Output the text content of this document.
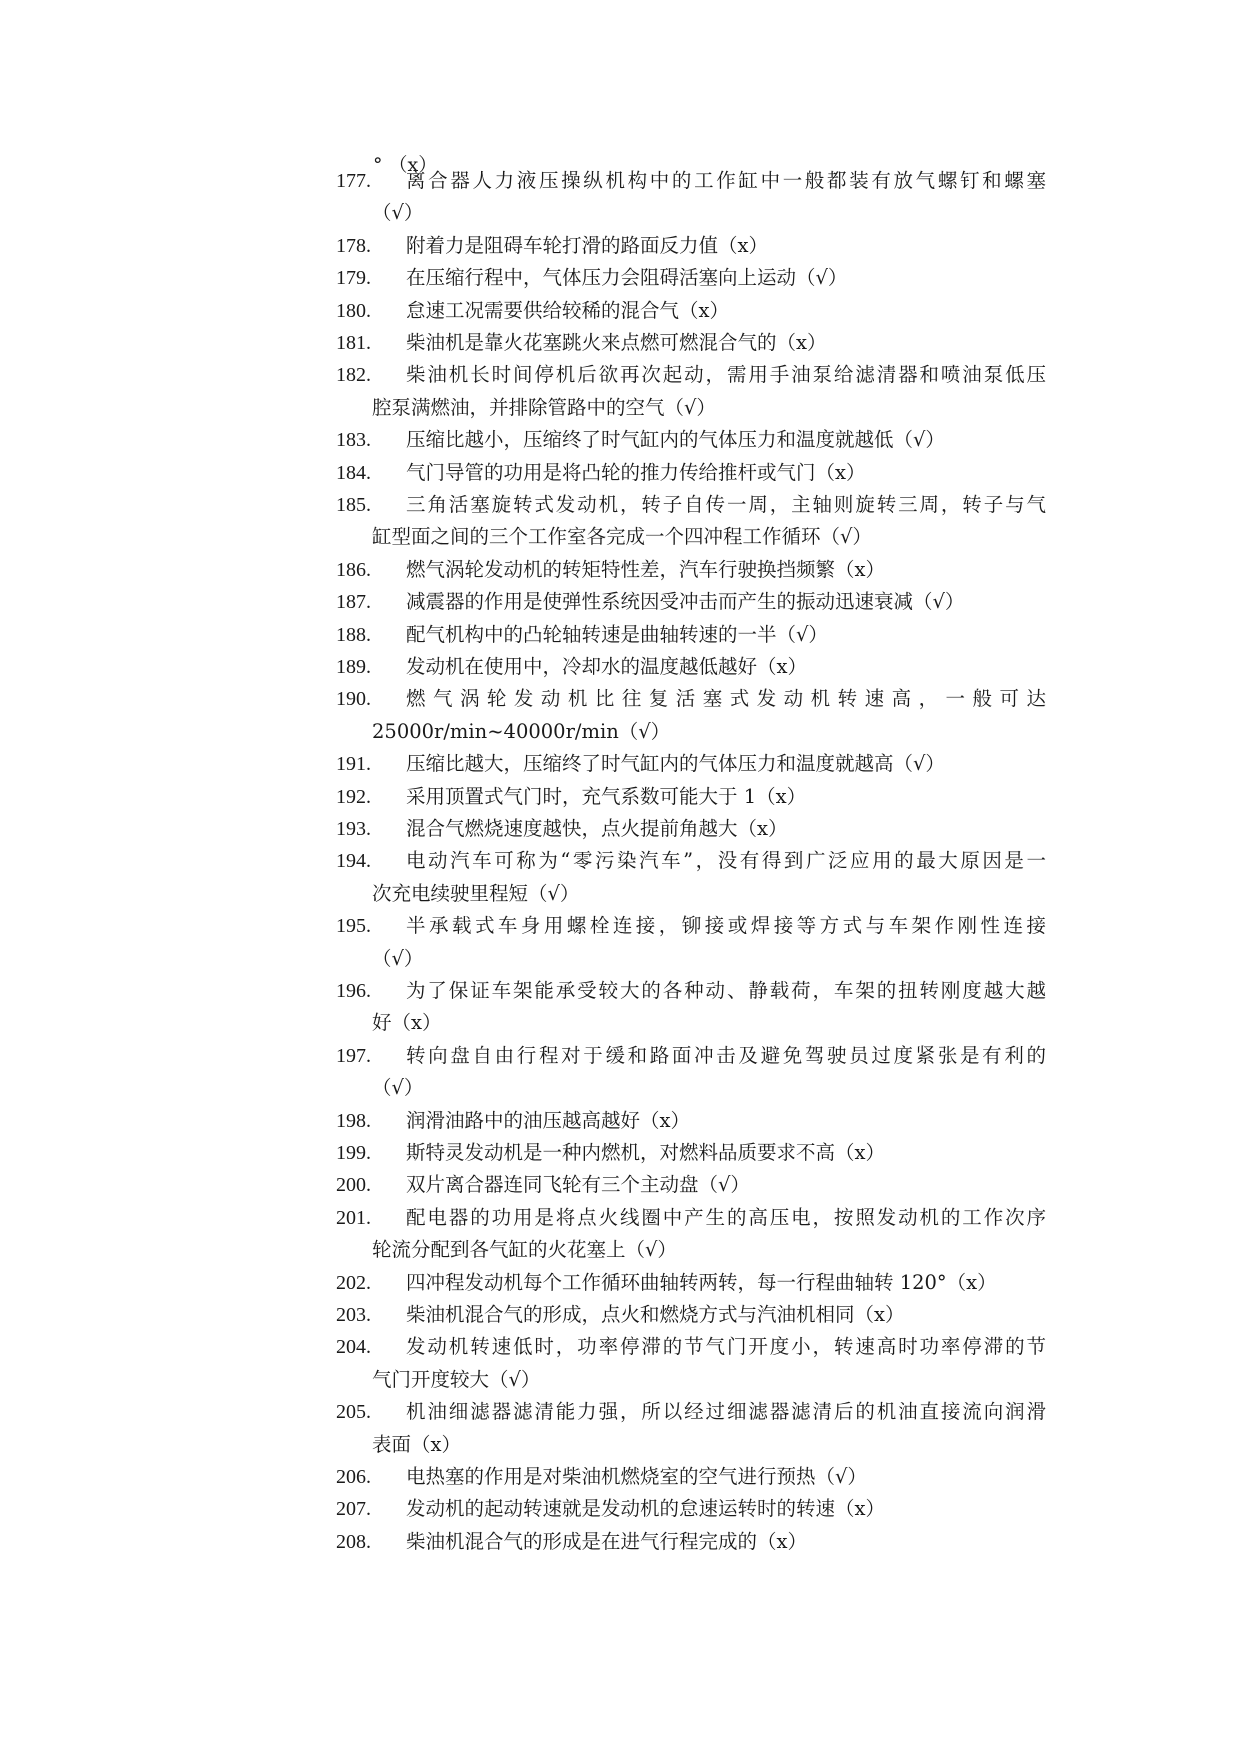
° （x）
177.	离合器人力液压操纵机构中的工作缸中一般都装有放气螺钉和螺塞
（√）
178.	附着力是阻碍车轮打滑的路面反力值（x）
179.	在压缩行程中，气体压力会阻碍活塞向上运动（√）
180.	怠速工况需要供给较稀的混合气（x）
181.	柴油机是靠火花塞跳火来点燃可燃混合气的（x）
182.	柴油机长时间停机后欲再次起动，需用手油泵给滤清器和喷油泵低压
腔泵满燃油，并排除管路中的空气（√）
183.	压缩比越小，压缩终了时气缸内的气体压力和温度就越低（√）
184.	气门导管的功用是将凸轮的推力传给推杆或气门（x）
185.	三角活塞旋转式发动机，转子自传一周，主轴则旋转三周，转子与气
缸型面之间的三个工作室各完成一个四冲程工作循环（√）
186.	燃气涡轮发动机的转矩特性差，汽车行驶换挡频繁（x）
187.	减震器的作用是使弹性系统因受冲击而产生的振动迅速衰减（√）
188.	配气机构中的凸轮轴转速是曲轴转速的一半（√）
189.	发动机在使用中，冷却水的温度越低越好（x）
190.	燃气涡轮发动机比往复活塞式发动机转速高，一般可达
25000r/min~40000r/min（√）
191.	压缩比越大，压缩终了时气缸内的气体压力和温度就越高（√）
192.	采用顶置式气门时，充气系数可能大于 1（x）
193.	混合气燃烧速度越快，点火提前角越大（x）
194.	电动汽车可称为“零污染汽车”，没有得到广泛应用的最大原因是一
次充电续驶里程短（√）
195.	半承载式车身用螺栓连接，铆接或焊接等方式与车架作刚性连接
（√）
196.	为了保证车架能承受较大的各种动、静载荷，车架的扭转刚度越大越
好（x）
197.	转向盘自由行程对于缓和路面冲击及避免驾驶员过度紧张是有利的
（√）
198.	润滑油路中的油压越高越好（x）
199.	斯特灵发动机是一种内燃机，对燃料品质要求不高（x）
200.	双片离合器连同飞轮有三个主动盘（√）
201.	配电器的功用是将点火线圈中产生的高压电，按照发动机的工作次序
轮流分配到各气缸的火花塞上（√）
202.	四冲程发动机每个工作循环曲轴转两转，每一行程曲轴转 120°（x）
203.	柴油机混合气的形成，点火和燃烧方式与汽油机相同（x）
204.	发动机转速低时，功率停滞的节气门开度小，转速高时功率停滞的节
气门开度较大（√）
205.	机油细滤器滤清能力强，所以经过细滤器滤清后的机油直接流向润滑
表面（x）
206.	电热塞的作用是对柴油机燃烧室的空气进行预热（√）
207.	发动机的起动转速就是发动机的怠速运转时的转速（x）
208.	柴油机混合气的形成是在进气行程完成的（x）
